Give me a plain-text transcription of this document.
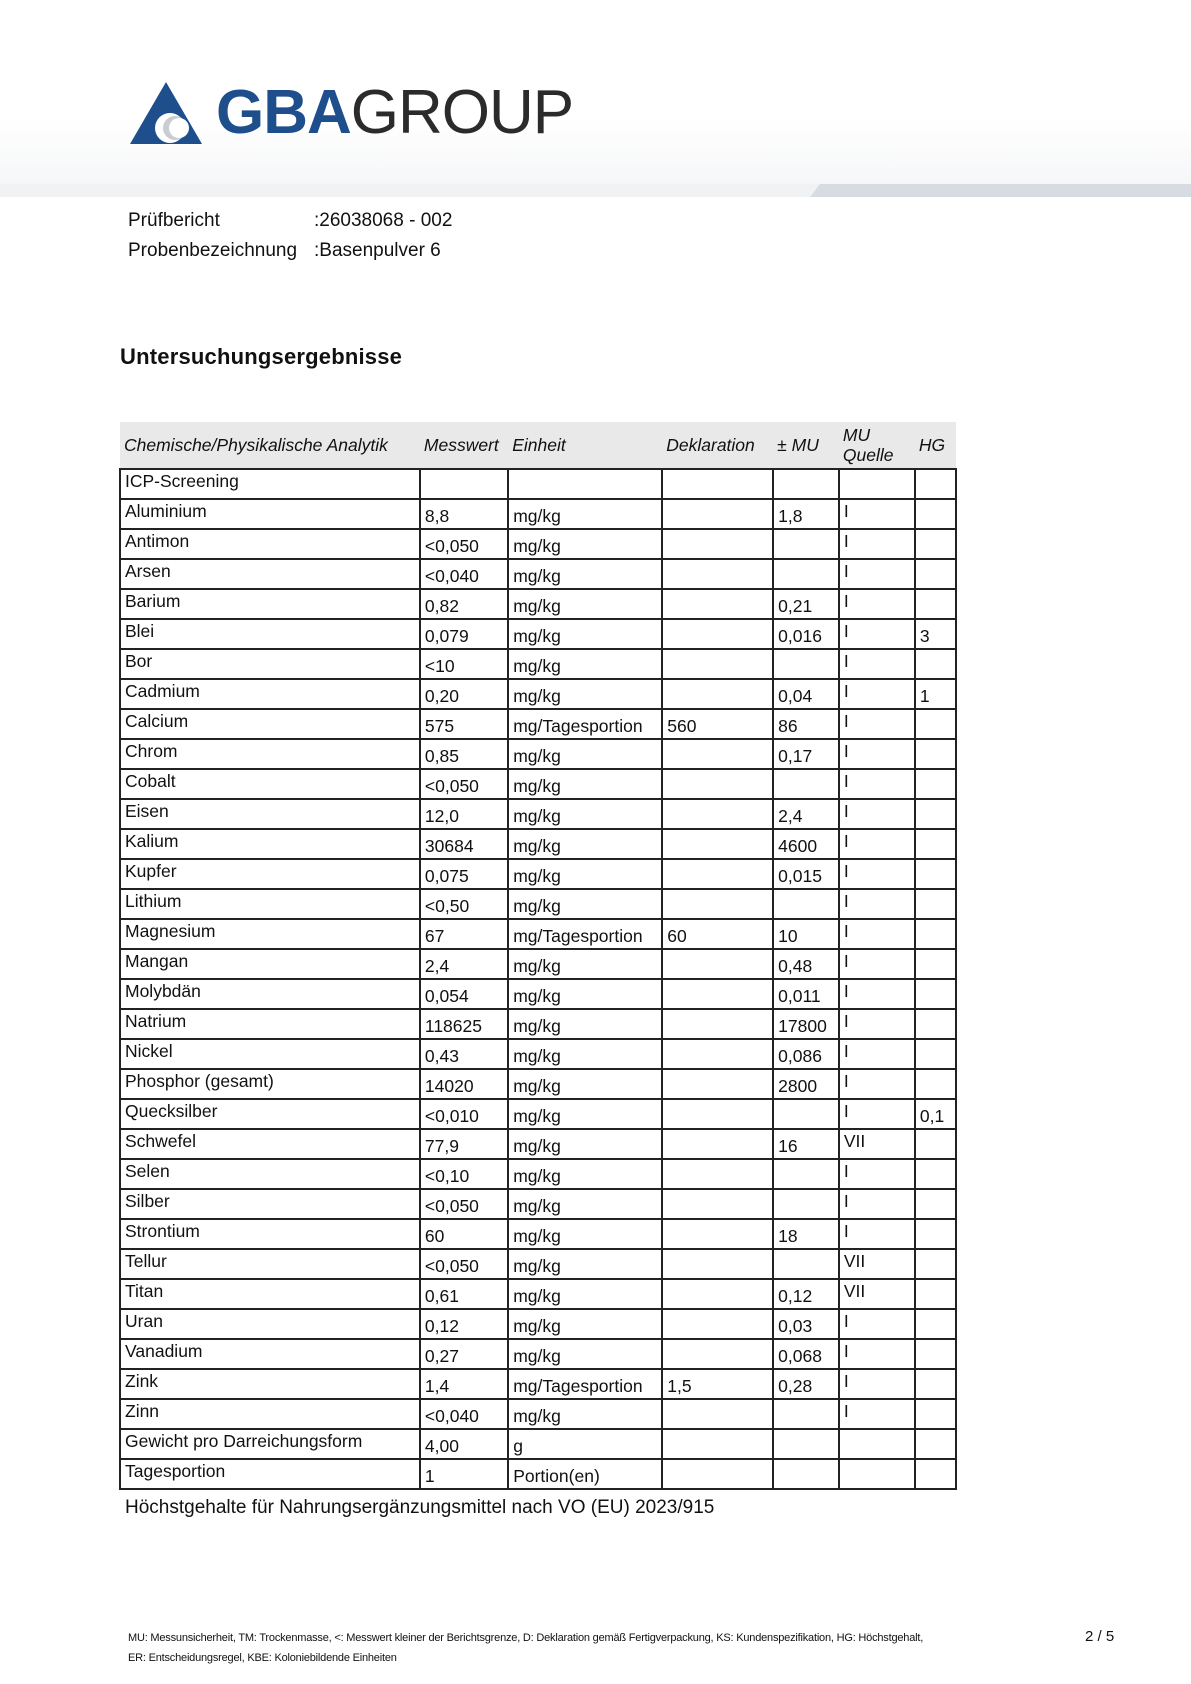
GBAGROUP
Prüfbericht	:26038068 - 002
Probenbezeichnung :Basenpulver 6
Untersuchungsergebnisse
Chemische/Physikalische Analytik	Messwert	Einheit	Deklaration	± MU	MU Quelle	HG
ICP-Screening						
Aluminium	8,8	mg/kg		1,8	I	
Antimon	<0,050	mg/kg			I	
Arsen	<0,040	mg/kg			I	
Barium	0,82	mg/kg		0,21	I	
Blei	0,079	mg/kg		0,016	I	3
Bor	<10	mg/kg			I	
Cadmium	0,20	mg/kg		0,04	I	1
Calcium	575	mg/Tagesportion	560	86	I	
Chrom	0,85	mg/kg		0,17	I	
Cobalt	<0,050	mg/kg			I	
Eisen	12,0	mg/kg		2,4	I	
Kalium	30684	mg/kg		4600	I	
Kupfer	0,075	mg/kg		0,015	I	
Lithium	<0,50	mg/kg			I	
Magnesium	67	mg/Tagesportion	60	10	I	
Mangan	2,4	mg/kg		0,48	I	
Molybdän	0,054	mg/kg		0,011	I	
Natrium	118625	mg/kg		17800	I	
Nickel	0,43	mg/kg		0,086	I	
Phosphor (gesamt)	14020	mg/kg		2800	I	
Quecksilber	<0,010	mg/kg			I	0,1
Schwefel	77,9	mg/kg		16	VII	
Selen	<0,10	mg/kg			I	
Silber	<0,050	mg/kg			I	
Strontium	60	mg/kg		18	I	
Tellur	<0,050	mg/kg			VII	
Titan	0,61	mg/kg		0,12	VII	
Uran	0,12	mg/kg		0,03	I	
Vanadium	0,27	mg/kg		0,068	I	
Zink	1,4	mg/Tagesportion	1,5	0,28	I	
Zinn	<0,040	mg/kg			I	
Gewicht pro Darreichungsform	4,00	g				
Tagesportion	1	Portion(en)				
Höchstgehalte für Nahrungsergänzungsmittel nach VO (EU) 2023/915
MU: Messunsicherheit, TM: Trockenmasse, <: Messwert kleiner der Berichtsgrenze, D: Deklaration gemäß Fertigverpackung, KS: Kundenspezifikation, HG: Höchstgehalt,
ER: Entscheidungsregel, KBE: Koloniebildende Einheiten
2 / 5
